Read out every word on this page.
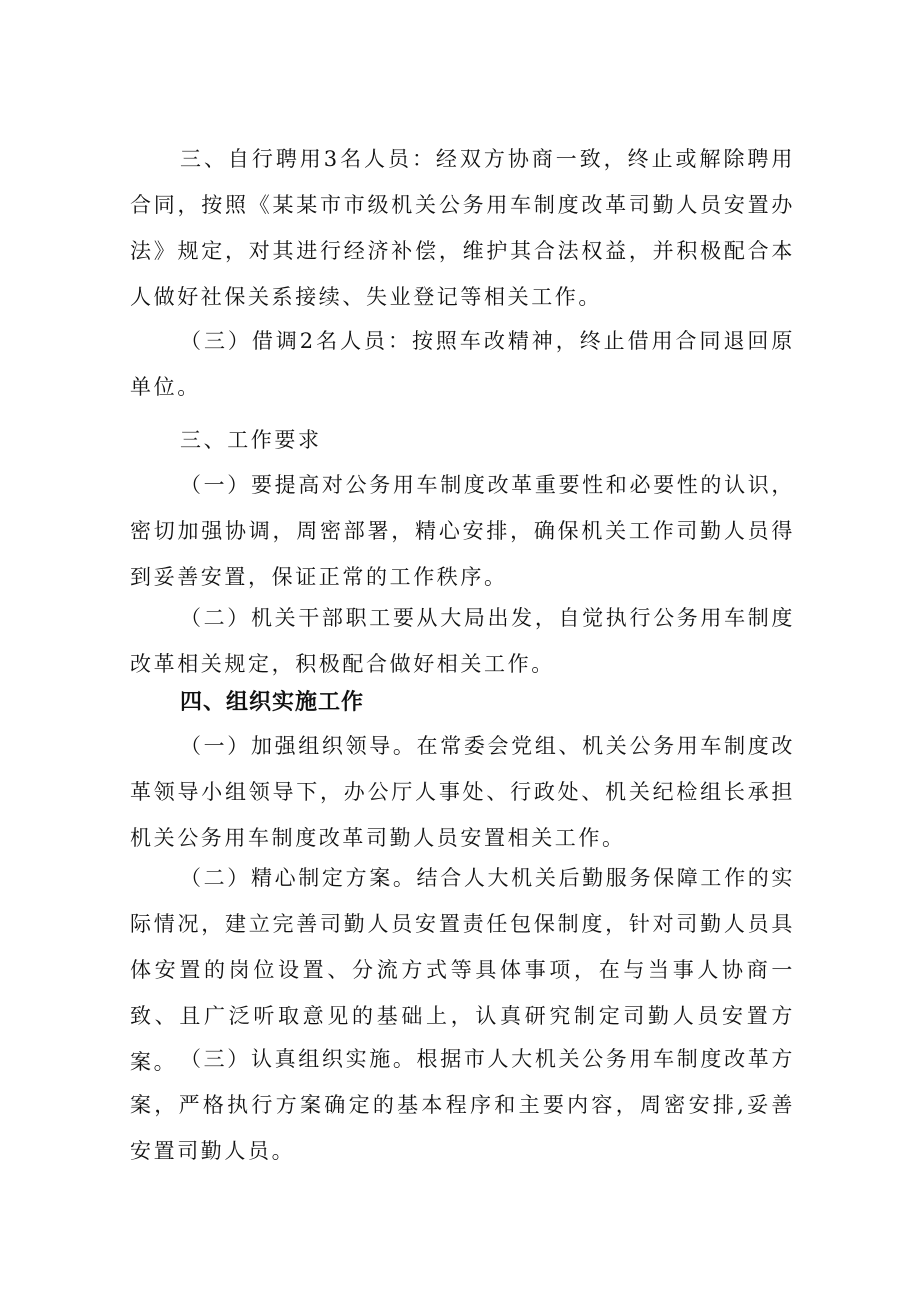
三、自行聘用3名人员：经双方协商一致，终止或解除聘用合同，按照《某某市市级机关公务用车制度改革司勤人员安置办法》规定，对其进行经济补偿，维护其合法权益，并积极配合本人做好社保关系接续、失业登记等相关工作。

（三）借调2名人员：按照车改精神，终止借用合同退回原单位。

三、工作要求

（一）要提高对公务用车制度改革重要性和必要性的认识，密切加强协调，周密部署，精心安排，确保机关工作司勤人员得到妥善安置，保证正常的工作秩序。

（二）机关干部职工要从大局出发，自觉执行公务用车制度改革相关规定，积极配合做好相关工作。

四、组织实施工作

（一）加强组织领导。在常委会党组、机关公务用车制度改革领导小组领导下，办公厅人事处、行政处、机关纪检组长承担机关公务用车制度改革司勤人员安置相关工作。

（二）精心制定方案。结合人大机关后勤服务保障工作的实际情况，建立完善司勤人员安置责任包保制度，针对司勤人员具体安置的岗位设置、分流方式等具体事项，在与当事人协商一致、且广泛听取意见的基础上，认真研究制定司勤人员安置方案。 （三）认真组织实施。根据市人大机关公务用车制度改革方案，严格执行方案确定的基本程序和主要内容，周密安排,妥善安置司勤人员。
